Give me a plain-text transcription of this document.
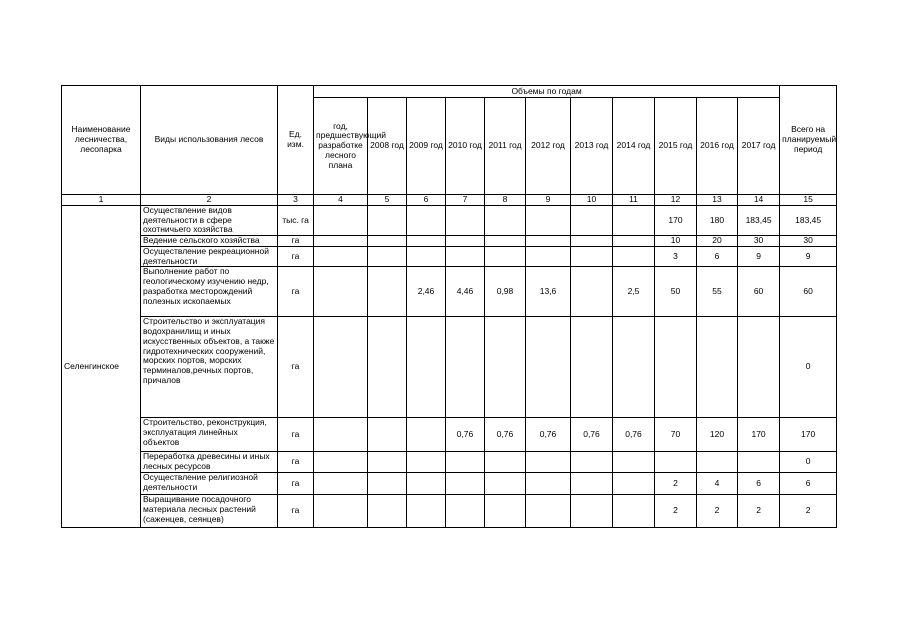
Наименование лесничества, лесопарка	Виды использования лесов	Ед. изм.	Объемы по годам											Всего на планируемый период
			год, предшествующий разработке лесного плана	2008 год	2009 год	2010 год	2011 год	2012 год	2013 год	2014 год	2015 год	2016 год	2017 год	
1	2	3	4	5	6	7	8	9	10	11	12	13	14	15
Селенгинское	Осуществление видов деятельности в сфере охотничьего хозяйства	тыс. га									170	180	183,45	183,45
	Ведение сельского хозяйства	га									10	20	30	30
	Осуществление рекреационной деятельности	га									3	6	9	9
	Выполнение работ по геологическому изучению недр, разработка месторождений полезных ископаемых	га			2,46	4,46	0,98	13,6		2,5	50	55	60	60
	Строительство и эксплуатация водохранилищ и иных искусственных объектов, а также гидротехнических сооружений, морских портов, морских терминалов,речных портов, причалов	га												0
	Строительство, реконструкция, эксплуатация линейных объектов	га				0,76	0,76	0,76	0,76	0,76	70	120	170	170
	Переработка древесины и иных лесных ресурсов	га												0
	Осуществление религиозной деятельности	га									2	4	6	6
	Выращивание посадочного материала лесных растений (саженцев, сеянцев)	га									2	2	2	2
